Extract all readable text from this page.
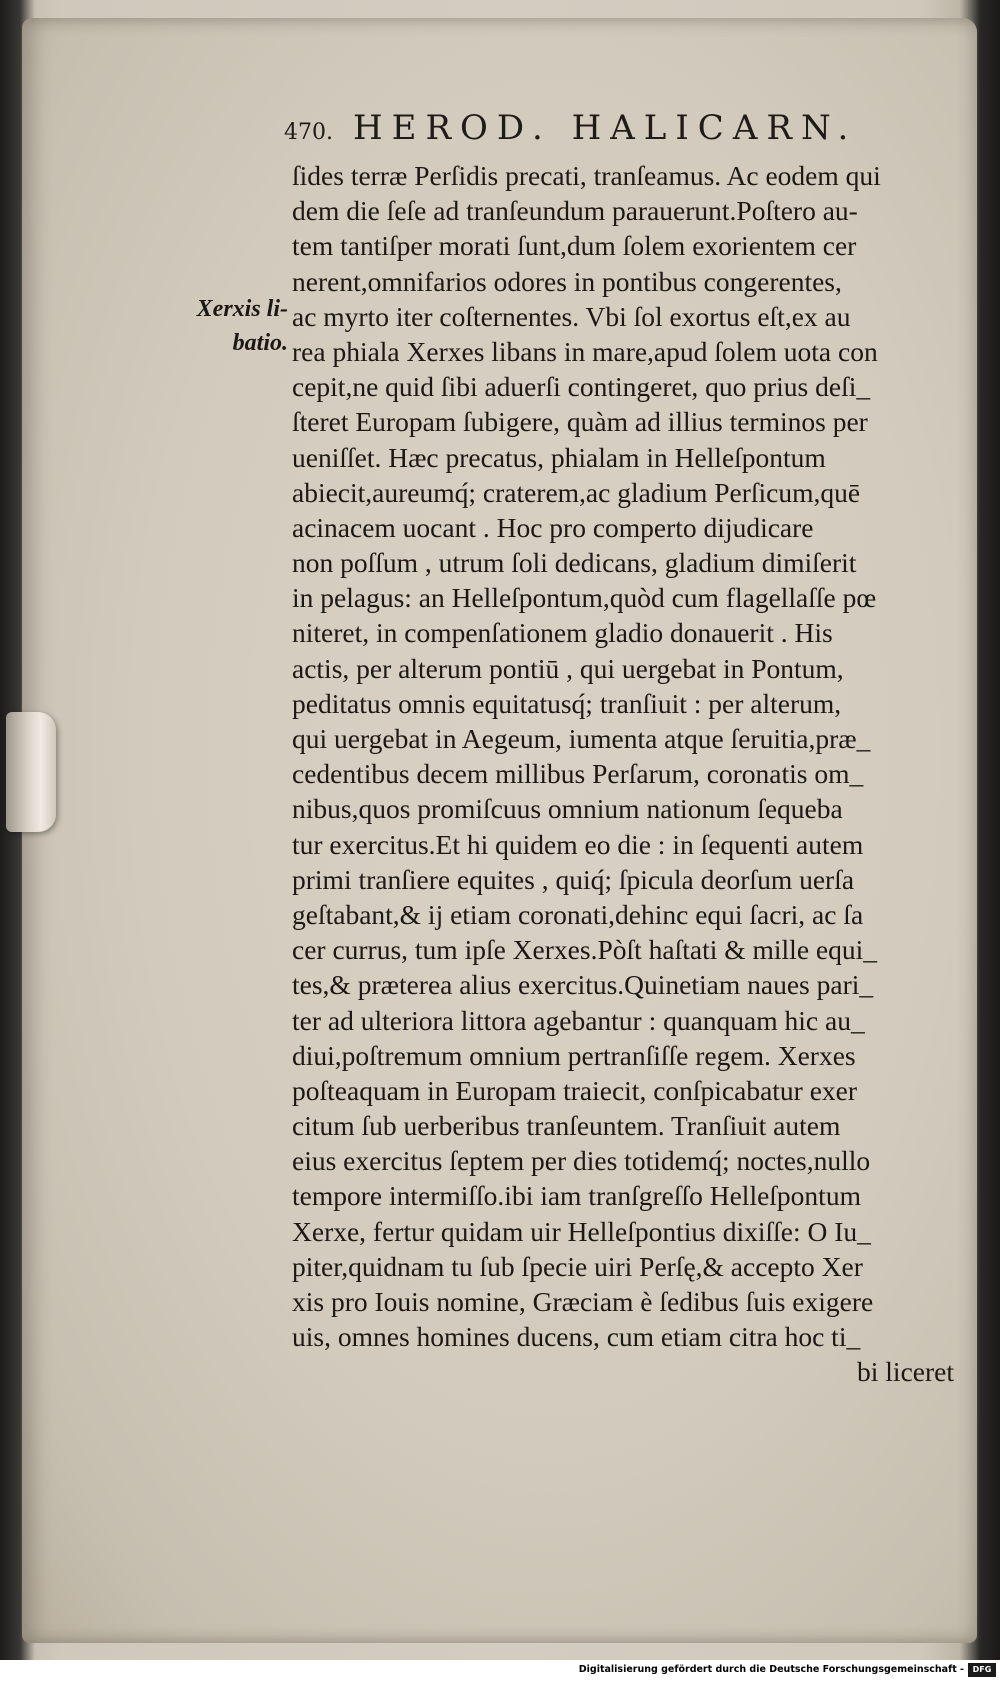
470. HEROD. HALICARN.
Xerxis li-
batio.
ſides terræ Perſidis precati, tranſeamus. Ac eodem qui
dem die ſeſe ad tranſeundum parauerunt.Poſtero au-
tem tantiſper morati ſunt,dum ſolem exorientem cer
nerent,omnifarios odores in pontibus congerentes,
ac myrto iter coſternentes. Vbi ſol exortus eſt,ex au
rea phiala Xerxes libans in mare,apud ſolem uota con
cepit,ne quid ſibi aduerſi contingeret, quo prius deſi_
ſteret Europam ſubigere, quàm ad illius terminos per
ueniſſet. Hæc precatus, phialam in Helleſpontum
abiecit,aureumq́; craterem,ac gladium Perſicum,quē
acinacem uocant . Hoc pro comperto dijudicare
non poſſum , utrum ſoli dedicans, gladium dimiſerit
in pelagus: an Helleſpontum,quòd cum flagellaſſe pœ
niteret, in compenſationem gladio donauerit . His
actis, per alterum pontiū , qui uergebat in Pontum,
peditatus omnis equitatusq́; tranſiuit : per alterum,
qui uergebat in Aegeum, iumenta atque ſeruitia,præ_
cedentibus decem millibus Perſarum, coronatis om_
nibus,quos promiſcuus omnium nationum ſequeba
tur exercitus.Et hi quidem eo die : in ſequenti autem
primi tranſiere equites , quiq́; ſpicula deorſum uerſa
geſtabant,& ij etiam coronati,dehinc equi ſacri, ac ſa
cer currus, tum ipſe Xerxes.Pòſt haſtati & mille equi_
tes,& præterea alius exercitus.Quinetiam naues pari_
ter ad ulteriora littora agebantur : quanquam hic au_
diui,poſtremum omnium pertranſiſſe regem. Xerxes
poſteaquam in Europam traiecit, conſpicabatur exer
citum ſub uerberibus tranſeuntem. Tranſiuit autem
eius exercitus ſeptem per dies totidemq́; noctes,nullo
tempore intermiſſo.ibi iam tranſgreſſo Helleſpontum
Xerxe, fertur quidam uir Helleſpontius dixiſſe: O Iu_
piter,quidnam tu ſub ſpecie uiri Perſę,& accepto Xer
xis pro Iouis nomine, Græciam è ſedibus ſuis exigere
uis, omnes homines ducens, cum etiam citra hoc ti_
bi liceret
Digitalisierung gefördert durch die Deutsche Forschungsgemeinschaft -	DFG
